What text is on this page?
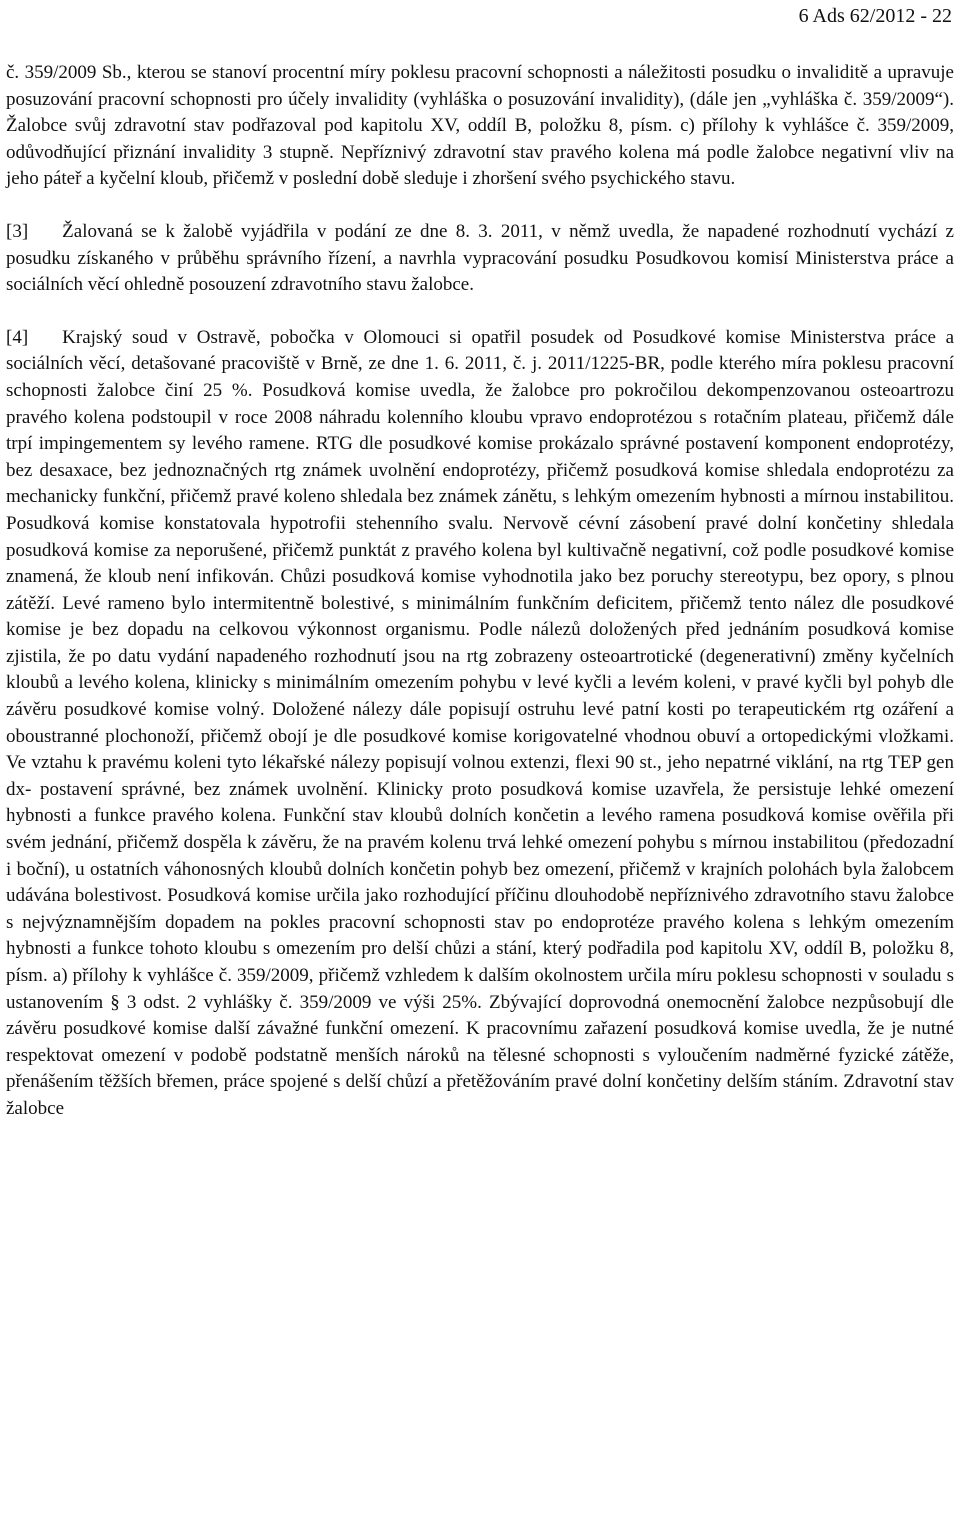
6 Ads 62/2012 - 22

č. 359/2009 Sb., kterou se stanoví procentní míry poklesu pracovní schopnosti a náležitosti posudku o invaliditě a upravuje posuzování pracovní schopnosti pro účely invalidity (vyhláška o posuzování invalidity), (dále jen „vyhláška č. 359/2009“). Žalobce svůj zdravotní stav podřazoval pod kapitolu XV, oddíl B, položku 8, písm. c) přílohy k vyhlášce č. 359/2009, odůvodňující přiznání invalidity 3 stupně. Nepříznivý zdravotní stav pravého kolena má podle žalobce negativní vliv na jeho páteř a kyčelní kloub, přičemž v poslední době sleduje i zhoršení svého psychického stavu.

[3] Žalovaná se k žalobě vyjádřila v podání ze dne 8. 3. 2011, v němž uvedla, že napadené rozhodnutí vychází z posudku získaného v průběhu správního řízení, a navrhla vypracování posudku Posudkovou komisí Ministerstva práce a sociálních věcí ohledně posouzení zdravotního stavu žalobce.

[4] Krajský soud v Ostravě, pobočka v Olomouci si opatřil posudek od Posudkové komise Ministerstva práce a sociálních věcí, detašované pracoviště v Brně, ze dne 1. 6. 2011, č. j. 2011/1225-BR, podle kterého míra poklesu pracovní schopnosti žalobce činí 25 %. Posudková komise uvedla, že žalobce pro pokročilou dekompenzovanou osteoartrozu pravého kolena podstoupil v roce 2008 náhradu kolenního kloubu vpravo endoprotézou s rotačním plateau, přičemž dále trpí impingementem sy levého ramene. RTG dle posudkové komise prokázalo správné postavení komponent endoprotézy, bez desaxace, bez jednoznačných rtg známek uvolnění endoprotézy, přičemž posudková komise shledala endoprotézu za mechanicky funkční, přičemž pravé koleno shledala bez známek zánětu, s lehkým omezením hybnosti a mírnou instabilitou. Posudková komise konstatovala hypotrofii stehenního svalu. Nervově cévní zásobení pravé dolní končetiny shledala posudková komise za neporušené, přičemž punktát z pravého kolena byl kultivačně negativní, což podle posudkové komise znamená, že kloub není infikován. Chůzi posudková komise vyhodnotila jako bez poruchy stereotypu, bez opory, s plnou zátěží. Levé rameno bylo intermitentně bolestivé, s minimálním funkčním deficitem, přičemž tento nález dle posudkové komise je bez dopadu na celkovou výkonnost organismu. Podle nálezů doložených před jednáním posudková komise zjistila, že po datu vydání napadeného rozhodnutí jsou na rtg zobrazeny osteoartrotické (degenerativní) změny kyčelních kloubů a levého kolena, klinicky s minimálním omezením pohybu v levé kyčli a levém koleni, v pravé kyčli byl pohyb dle závěru posudkové komise volný. Doložené nálezy dále popisují ostruhu levé patní kosti po terapeutickém rtg ozáření a oboustranné plochonoží, přičemž obojí je dle posudkové komise korigovatelné vhodnou obuví a ortopedickými vložkami. Ve vztahu k pravému koleni tyto lékařské nálezy popisují volnou extenzi, flexi 90 st., jeho nepatrné viklání, na rtg TEP gen dx- postavení správné, bez známek uvolnění. Klinicky proto posudková komise uzavřela, že persistuje lehké omezení hybnosti a funkce pravého kolena. Funkční stav kloubů dolních končetin a levého ramena posudková komise ověřila při svém jednání, přičemž dospěla k závěru, že na pravém kolenu trvá lehké omezení pohybu s mírnou instabilitou (předozadní i boční), u ostatních váhonosných kloubů dolních končetin pohyb bez omezení, přičemž v krajních polohách byla žalobcem udávána bolestivost. Posudková komise určila jako rozhodující příčinu dlouhodobě nepříznivého zdravotního stavu žalobce s nejvýznamnějším dopadem na pokles pracovní schopnosti stav po endoprotéze pravého kolena s lehkým omezením hybnosti a funkce tohoto kloubu s omezením pro delší chůzi a stání, který podřadila pod kapitolu XV, oddíl B, položku 8, písm. a) přílohy k vyhlášce č. 359/2009, přičemž vzhledem k dalším okolnostem určila míru poklesu schopnosti v souladu s ustanovením § 3 odst. 2 vyhlášky č. 359/2009 ve výši 25%. Zbývající doprovodná onemocnění žalobce nezpůsobují dle závěru posudkové komise další závažné funkční omezení. K pracovnímu zařazení posudková komise uvedla, že je nutné respektovat omezení v podobě podstatně menších nároků na tělesné schopnosti s vyloučením nadměrné fyzické zátěže, přenášením těžších břemen, práce spojené s delší chůzí a přetěžováním pravé dolní končetiny delším stáním. Zdravotní stav žalobce
